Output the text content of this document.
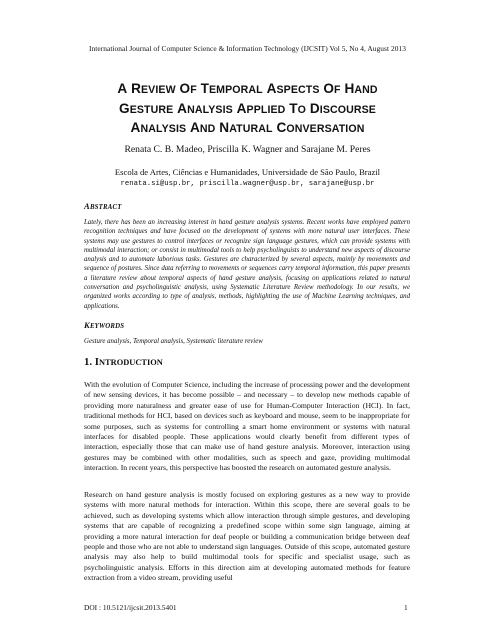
International Journal of Computer Science & Information Technology (IJCSIT) Vol 5, No 4, August 2013
A REVIEW OF TEMPORAL ASPECTS OF HAND
GESTURE ANALYSIS APPLIED TO DISCOURSE
ANALYSIS AND NATURAL CONVERSATION
Renata C. B. Madeo, Priscilla K. Wagner and Sarajane M. Peres
Escola de Artes, Ciências e Humanidades, Universidade de São Paulo, Brazil
renata.si@usp.br, priscilla.wagner@usp.br, sarajane@usp.br
ABSTRACT
Lately, there has been an increasing interest in hand gesture analysis systems. Recent works have employed pattern recognition techniques and have focused on the development of systems with more natural user interfaces. These systems may use gestures to control interfaces or recognize sign language gestures, which can provide systems with multimodal interaction; or consist in multimodal tools to help psycholinguists to understand new aspects of discourse analysis and to automate laborious tasks. Gestures are characterized by several aspects, mainly by movements and sequence of postures. Since data referring to movements or sequences carry temporal information, this paper presents a literature review about temporal aspects of hand gesture analysis, focusing on applications related to natural conversation and psycholinguistic analysis, using Systematic Literature Review methodology. In our results, we organized works according to type of analysis, methods, highlighting the use of Machine Learning techniques, and applications.
KEYWORDS
Gesture analysis, Temporal analysis, Systematic literature review
1. INTRODUCTION
With the evolution of Computer Science, including the increase of processing power and the development of new sensing devices, it has become possible – and necessary – to develop new methods capable of providing more naturalness and greater ease of use for Human-Computer Interaction (HCI). In fact, traditional methods for HCI, based on devices such as keyboard and mouse, seem to be inappropriate for some purposes, such as systems for controlling a smart home environment or systems with natural interfaces for disabled people. These applications would clearly benefit from different types of interaction, especially those that can make use of hand gesture analysis. Moreover, interaction using gestures may be combined with other modalities, such as speech and gaze, providing multimodal interaction. In recent years, this perspective has boosted the research on automated gesture analysis.
Research on hand gesture analysis is mostly focused on exploring gestures as a new way to provide systems with more natural methods for interaction. Within this scope, there are several goals to be achieved, such as developing systems which allow interaction through simple gestures, and developing systems that are capable of recognizing a predefined scope within some sign language, aiming at providing a more natural interaction for deaf people or building a communication bridge between deaf people and those who are not able to understand sign languages. Outside of this scope, automated gesture analysis may also help to build multimodal tools for specific and specialist usage, such as psycholinguistic analysis. Efforts in this direction aim at developing automated methods for feature extraction from a video stream, providing useful
DOI : 10.5121/ijcsit.2013.5401	1
